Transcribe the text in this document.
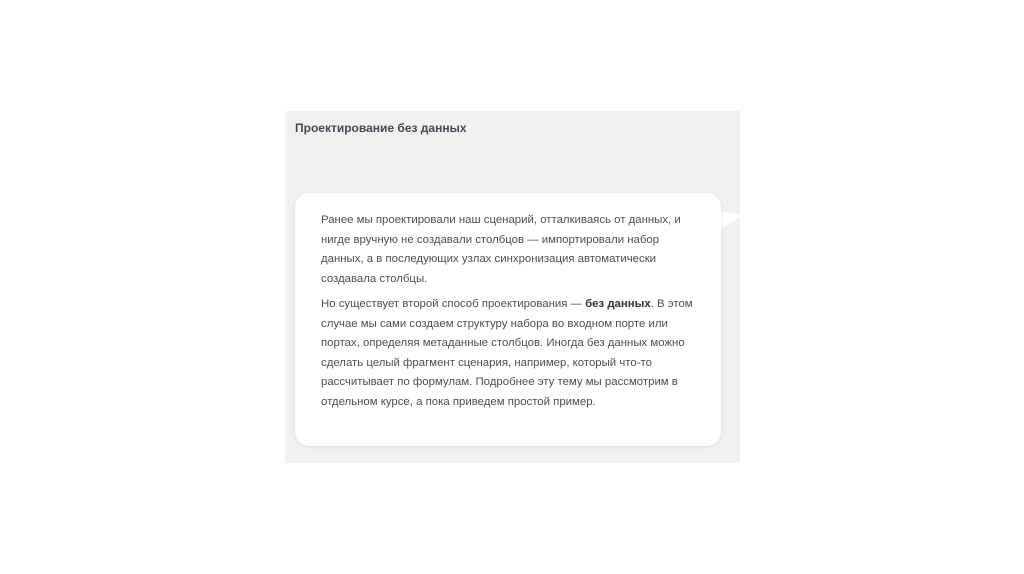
Проектирование без данных

Ранее мы проектировали наш сценарий, отталкиваясь от данных, и нигде вручную не создавали столбцов — импортировали набор данных, а в последующих узлах синхронизация автоматически создавала столбцы.

Но существует второй способ проектирования — без данных. В этом случае мы сами создаем структуру набора во входном порте или портах, определяя метаданные столбцов. Иногда без данных можно сделать целый фрагмент сценария, например, который что-то рассчитывает по формулам. Подробнее эту тему мы рассмотрим в отдельном курсе, а пока приведем простой пример.
